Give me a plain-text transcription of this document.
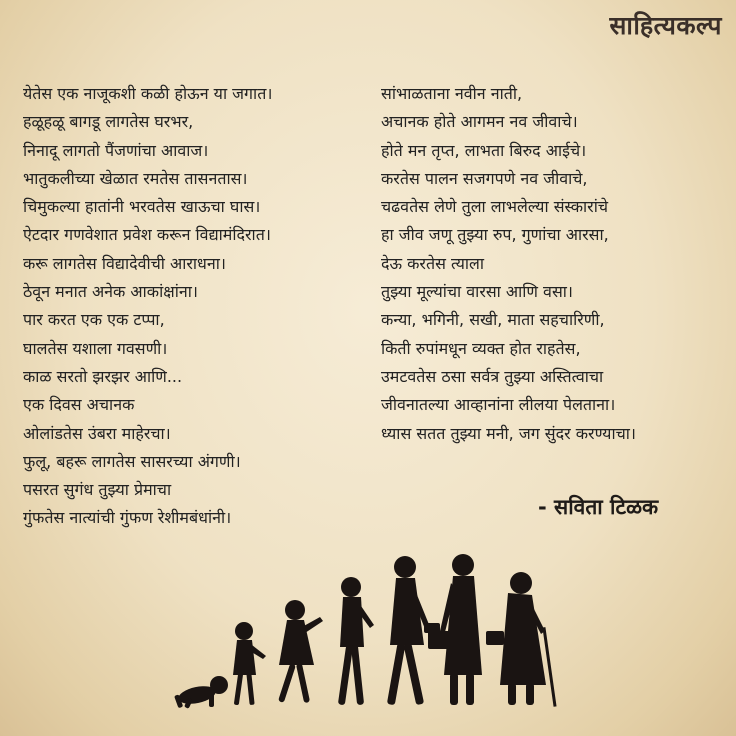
साहित्यकल्प
येतेस एक नाजूकशी कळी होऊन या जगात।
हळूहळू बागडू लागतेस घरभर,
निनादू लागतो पैंजणांचा आवाज।
भातुकलीच्या खेळात रमतेस तासनतास।
चिमुकल्या हातांनी भरवतेस खाऊचा घास।
ऐटदार गणवेशात प्रवेश करून विद्यामंदिरात।
करू लागतेस विद्यादेवीची आराधना।
ठेवून मनात अनेक आकांक्षांना।
पार करत एक एक टप्पा,
घालतेस यशाला गवसणी।
काळ सरतो झरझर आणि...
एक दिवस अचानक
ओलांडतेस उंबरा माहेरचा।
फुलू, बहरू लागतेस सासरच्या अंगणी।
पसरत सुगंध तुझ्या प्रेमाचा
गुंफतेस नात्यांची गुंफण रेशीमबंधांनी।
सांभाळताना नवीन नाती,
अचानक होते आगमन नव जीवाचे।
होते मन तृप्त, लाभता बिरुद आईचे।
करतेस पालन सजगपणे नव जीवाचे,
चढवतेस लेणे तुला लाभलेल्या संस्कारांचे
हा जीव जणू तुझ्या रुप, गुणांचा आरसा,
देऊ करतेस त्याला
तुझ्या मूल्यांचा वारसा आणि वसा।
कन्या, भगिनी, सखी, माता सहचारिणी,
किती रुपांमधून व्यक्त होत राहतेस,
उमटवतेस ठसा सर्वत्र तुझ्या अस्तित्वाचा
जीवनातल्या आव्हानांना लीलया पेलताना।
ध्यास सतत तुझ्या मनी, जग सुंदर करण्याचा।
- सविता टिळक
